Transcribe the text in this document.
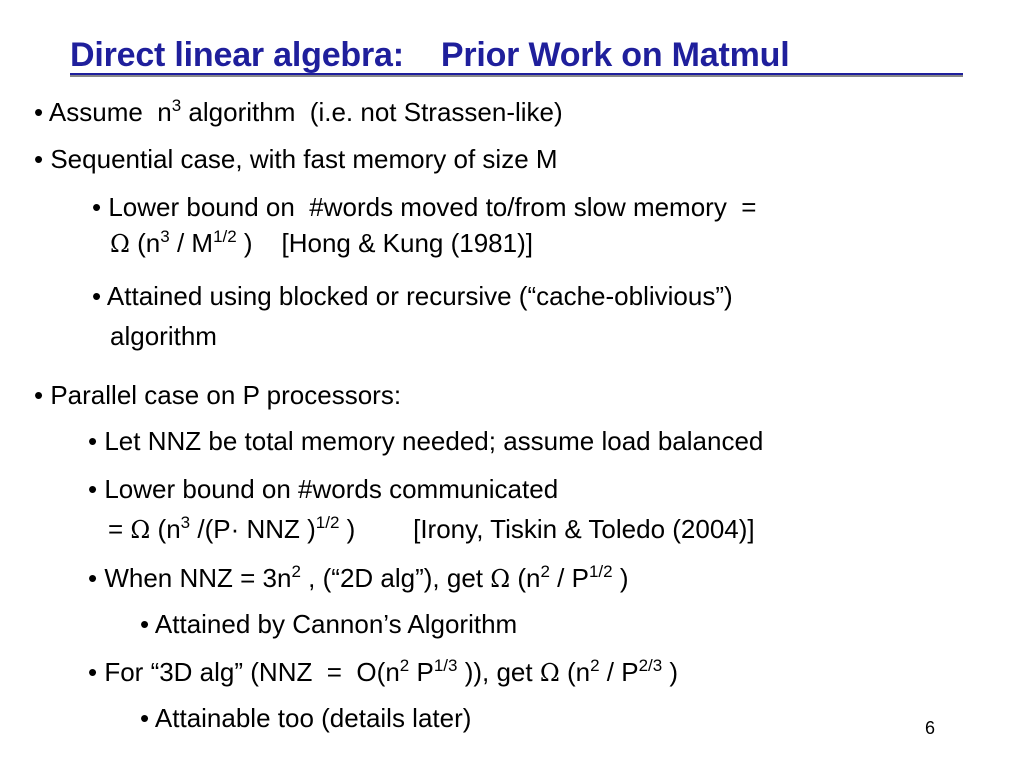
Direct linear algebra: Prior Work on Matmul
• Assume  $n^3$ algorithm  (i.e. not Strassen-like)
• Sequential case, with fast memory of size M
• Lower bound on  #words moved to/from slow memory  =
Ω ($n^3 / M^{1/2}$ )    [Hong & Kung (1981)]
• Attained using blocked or recursive (“cache-oblivious”)
algorithm
• Parallel case on P processors:
• Let NNZ be total memory needed; assume load balanced
• Lower bound on #words communicated
= Ω ($n^3$ /(P· NNZ )$^{1/2}$ )        [Irony, Tiskin & Toledo (2004)]
• When NNZ = $3n^2$ , (“2D alg”), get Ω ($n^2 / P^{1/2}$ )
• Attained by Cannon’s Algorithm
• For “3D alg” ($NNZ = O(n^2$ $P^{1/3}$ )), get Ω ($n^2 / P^{2/3}$ )
• Attainable too (details later)	6
